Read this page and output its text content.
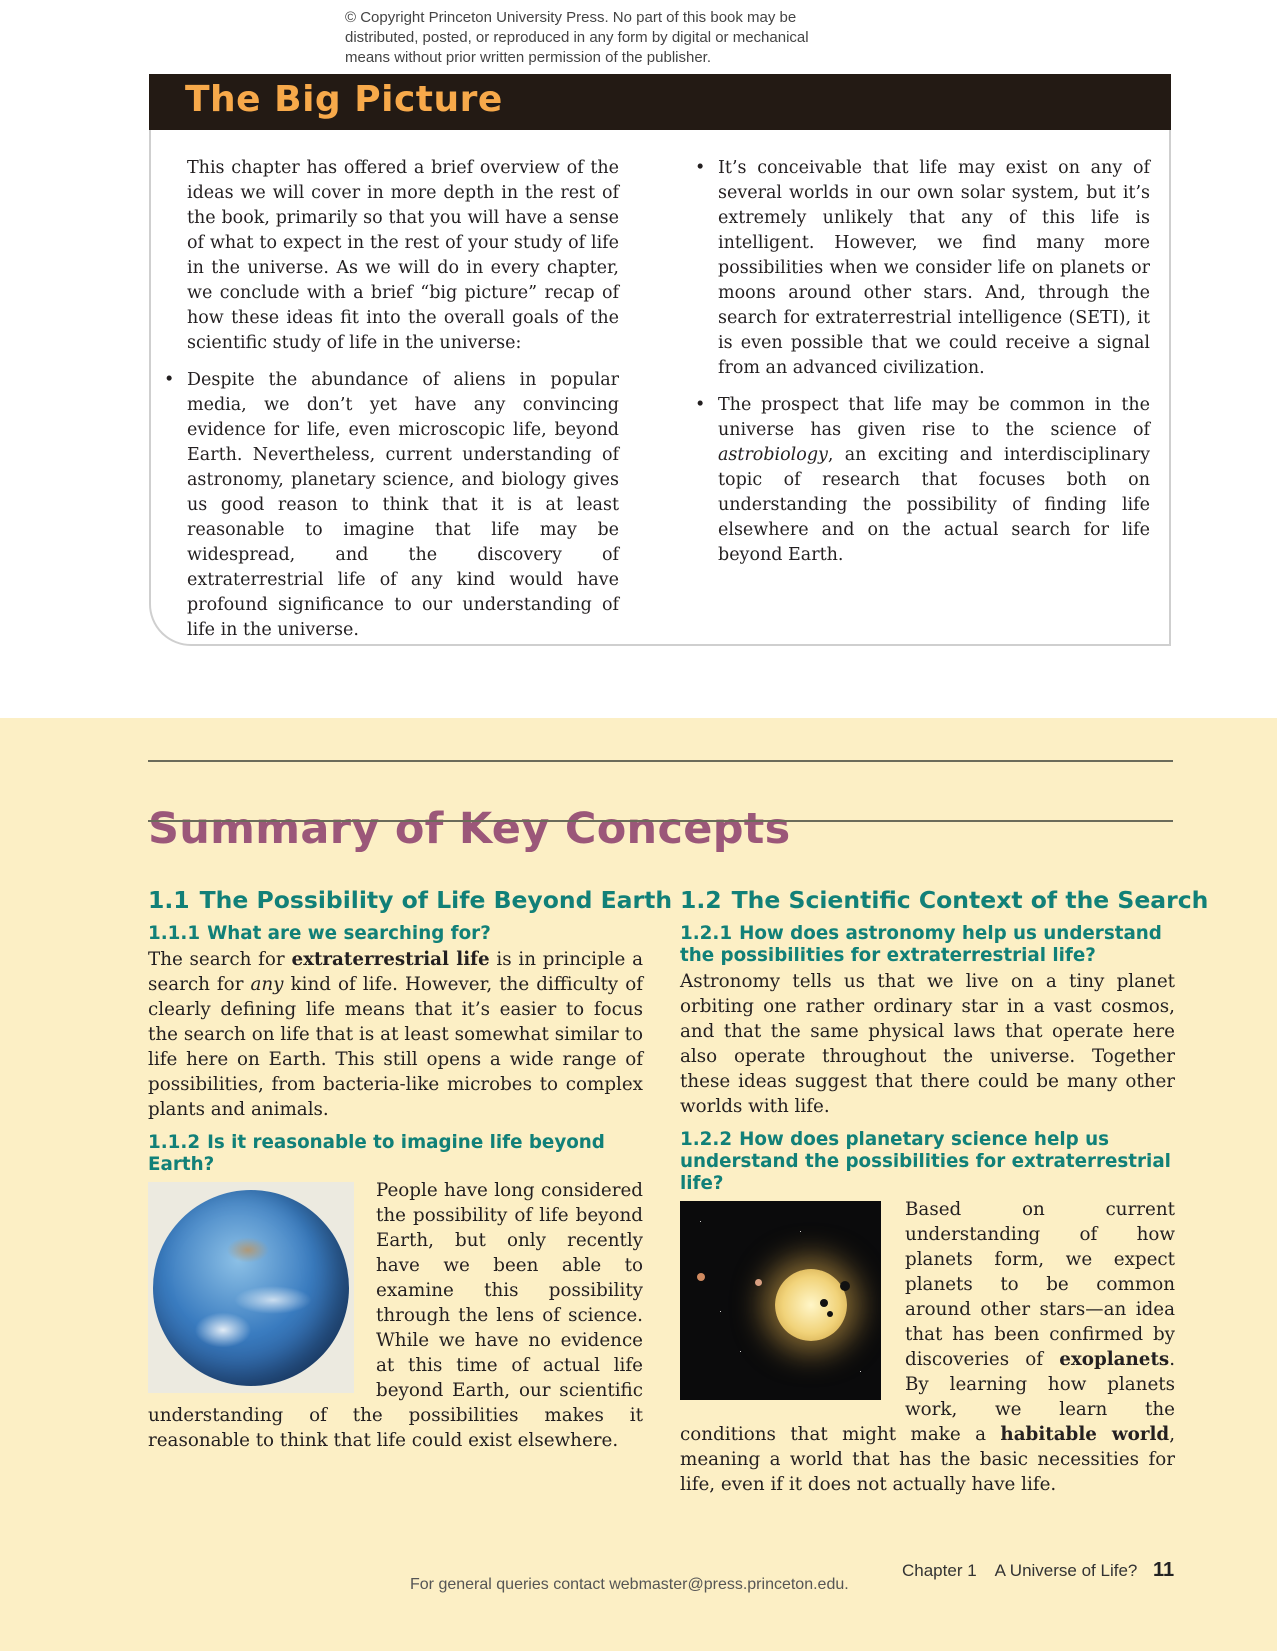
© Copyright Princeton University Press. No part of this book may be
distributed, posted, or reproduced in any form by digital or mechanical
means without prior written permission of the publisher.
The Big Picture

This chapter has offered a brief overview of the ideas we will cover in more depth in the rest of the book, primarily so that you will have a sense of what to expect in the rest of your study of life in the universe. As we will do in every chapter, we conclude with a brief “big picture” recap of how these ideas fit into the overall goals of the scientific study of life in the universe:

• Despite the abundance of aliens in popular media, we don’t yet have any convincing evidence for life, even microscopic life, beyond Earth. Nevertheless, current understanding of astronomy, planetary science, and biology gives us good reason to think that it is at least reasonable to imagine that life may be widespread, and the discovery of extraterrestrial life of any kind would have profound significance to our understanding of life in the universe.
• It’s conceivable that life may exist on any of several worlds in our own solar system, but it’s extremely unlikely that any of this life is intelligent. However, we find many more possibilities when we consider life on planets or moons around other stars. And, through the search for extraterrestrial intelligence (SETI), it is even possible that we could receive a signal from an advanced civilization.
• The prospect that life may be common in the universe has given rise to the science of astrobiology, an exciting and interdisciplinary topic of research that focuses both on understanding the possibility of finding life elsewhere and on the actual search for life beyond Earth.
Summary of Key Concepts
1.1 The Possibility of Life Beyond Earth
1.1.1 What are we searching for?
The search for extraterrestrial life is in principle a search for any kind of life. However, the difficulty of clearly defining life means that it’s easier to focus the search on life that is at least somewhat similar to life here on Earth. This still opens a wide range of possibilities, from bacteria-like microbes to complex plants and animals.
1.1.2 Is it reasonable to imagine life beyond Earth?
People have long considered the possibility of life beyond Earth, but only recently have we been able to examine this possibility through the lens of science. While we have no evidence at this time of actual life beyond Earth, our scientific understanding of the possibilities makes it reasonable to think that life could exist elsewhere.
1.2 The Scientific Context of the Search
1.2.1 How does astronomy help us understand the possibilities for extraterrestrial life?
Astronomy tells us that we live on a tiny planet orbiting one rather ordinary star in a vast cosmos, and that the same physical laws that operate here also operate throughout the universe. Together these ideas suggest that there could be many other worlds with life.
1.2.2 How does planetary science help us understand the possibilities for extraterrestrial life?
Based on current understanding of how planets form, we expect planets to be common around other stars—an idea that has been confirmed by discoveries of exoplanets. By learning how planets work, we learn the conditions that might make a habitable world, meaning a world that has the basic necessities for life, even if it does not actually have life.
For general queries contact webmaster@press.princeton.edu.
Chapter 1 A Universe of Life? 11
